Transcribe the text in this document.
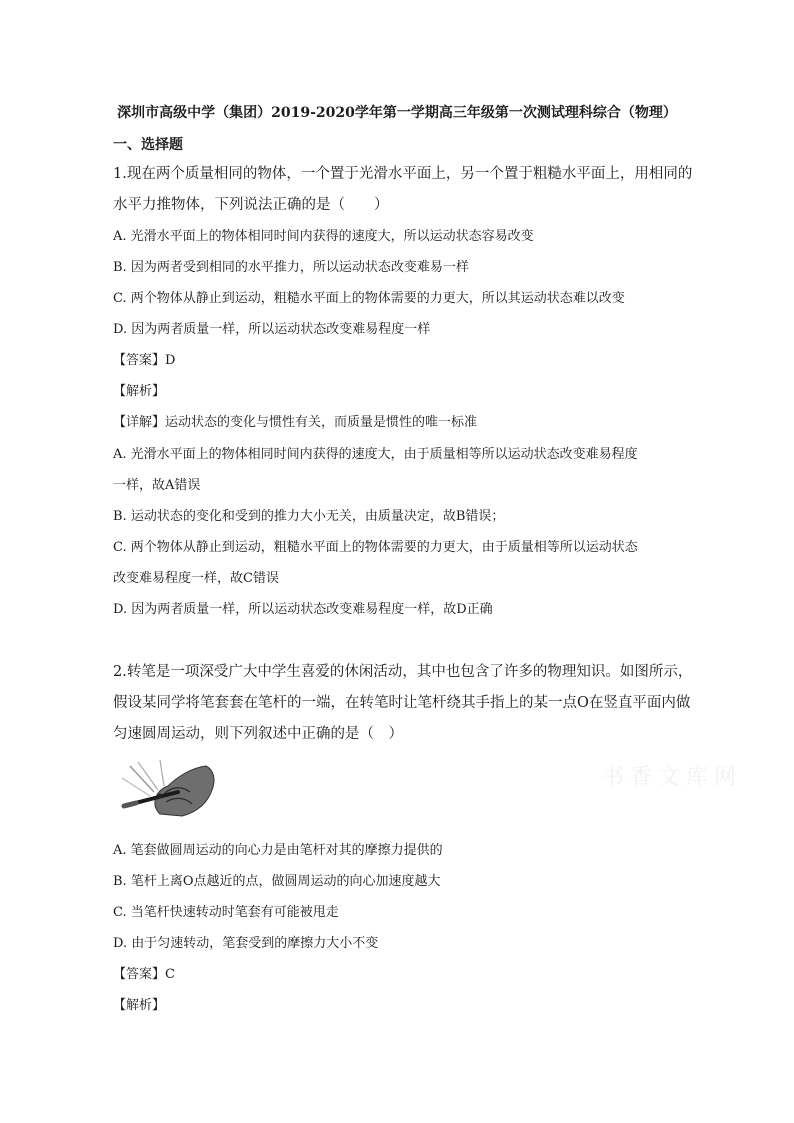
深圳市高级中学（集团）2019-2020学年第一学期高三年级第一次测试理科综合（物理）
一、选择题
1.现在两个质量相同的物体，一个置于光滑水平面上，另一个置于粗糙水平面上，用相同的
水平力推物体，下列说法正确的是（　　）
A. 光滑水平面上的物体相同时间内获得的速度大，所以运动状态容易改变
B. 因为两者受到相同的水平推力，所以运动状态改变难易一样
C. 两个物体从静止到运动，粗糙水平面上的物体需要的力更大，所以其运动状态难以改变
D. 因为两者质量一样，所以运动状态改变难易程度一样
【答案】D
【解析】
【详解】运动状态的变化与惯性有关，而质量是惯性的唯一标准
A. 光滑水平面上的物体相同时间内获得的速度大，由于质量相等所以运动状态改变难易程度
一样，故A错误
B. 运动状态的变化和受到的推力大小无关，由质量决定，故B错误；
C. 两个物体从静止到运动，粗糙水平面上的物体需要的力更大，由于质量相等所以运动状态
改变难易程度一样，故C错误
D. 因为两者质量一样，所以运动状态改变难易程度一样，故D正确
2.转笔是一项深受广大中学生喜爱的休闲活动，其中也包含了许多的物理知识。如图所示，
假设某同学将笔套套在笔杆的一端，在转笔时让笔杆绕其手指上的某一点O在竖直平面内做
匀速圆周运动，则下列叙述中正确的是（　）
书香文库网
A. 笔套做圆周运动的向心力是由笔杆对其的摩擦力提供的
B. 笔杆上离O点越近的点，做圆周运动的向心加速度越大
C. 当笔杆快速转动时笔套有可能被甩走
D. 由于匀速转动，笔套受到的摩擦力大小不变
【答案】C
【解析】
